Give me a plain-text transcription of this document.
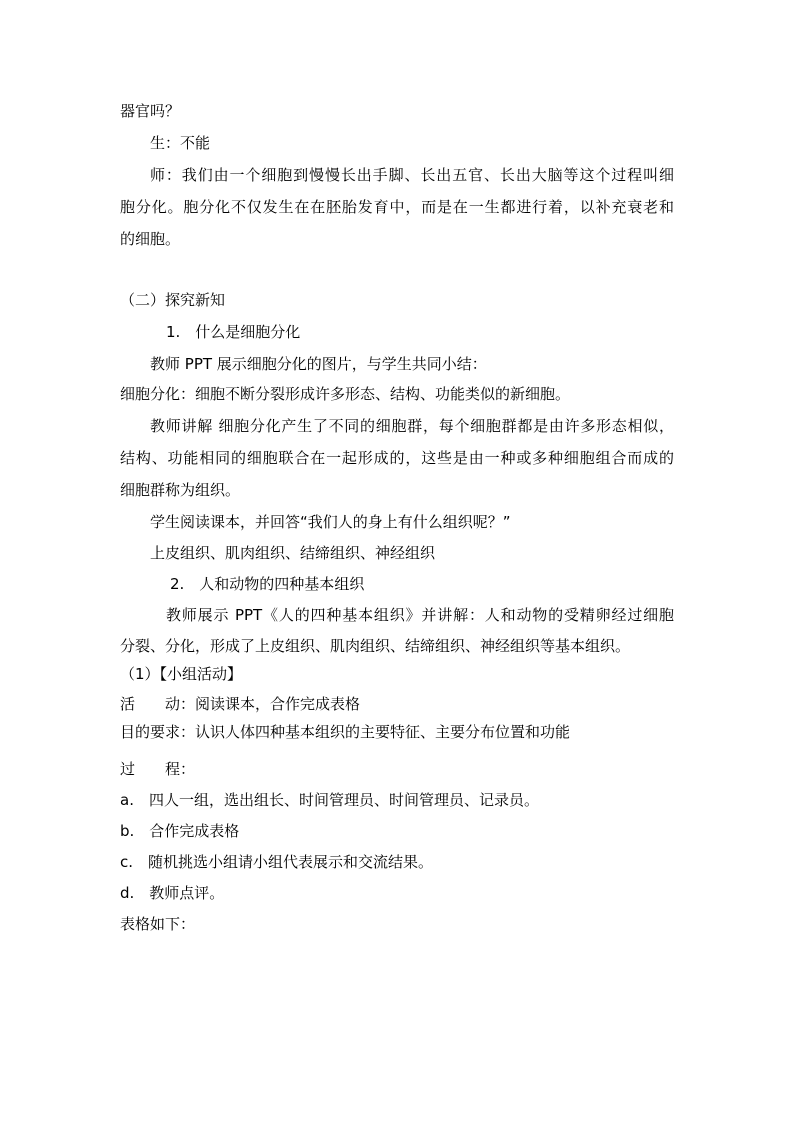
器官吗？
生：不能
师：我们由一个细胞到慢慢长出手脚、长出五官、长出大脑等这个过程叫细
胞分化。胞分化不仅发生在在胚胎发育中，而是在一生都进行着，以补充衰老和
的细胞。
（二）探究新知
1.　什么是细胞分化
教师 PPT 展示细胞分化的图片，与学生共同小结：
细胞分化：细胞不断分裂形成许多形态、结构、功能类似的新细胞。
教师讲解 细胞分化产生了不同的细胞群，每个细胞群都是由许多形态相似，
结构、功能相同的细胞联合在一起形成的，这些是由一种或多种细胞组合而成的
细胞群称为组织。
学生阅读课本，并回答“我们人的身上有什么组织呢？”
上皮组织、肌肉组织、结缔组织、神经组织
2.　人和动物的四种基本组织
教师展示 PPT《人的四种基本组织》并讲解：人和动物的受精卵经过细胞
分裂、分化，形成了上皮组织、肌肉组织、结缔组织、神经组织等基本组织。
（1）【小组活动】
活　　动：阅读课本，合作完成表格
目的要求：认识人体四种基本组织的主要特征、主要分布位置和功能
过　　程：
a.　四人一组，选出组长、时间管理员、时间管理员、记录员。
b.　合作完成表格
c.　随机挑选小组请小组代表展示和交流结果。
d.　教师点评。
表格如下：
